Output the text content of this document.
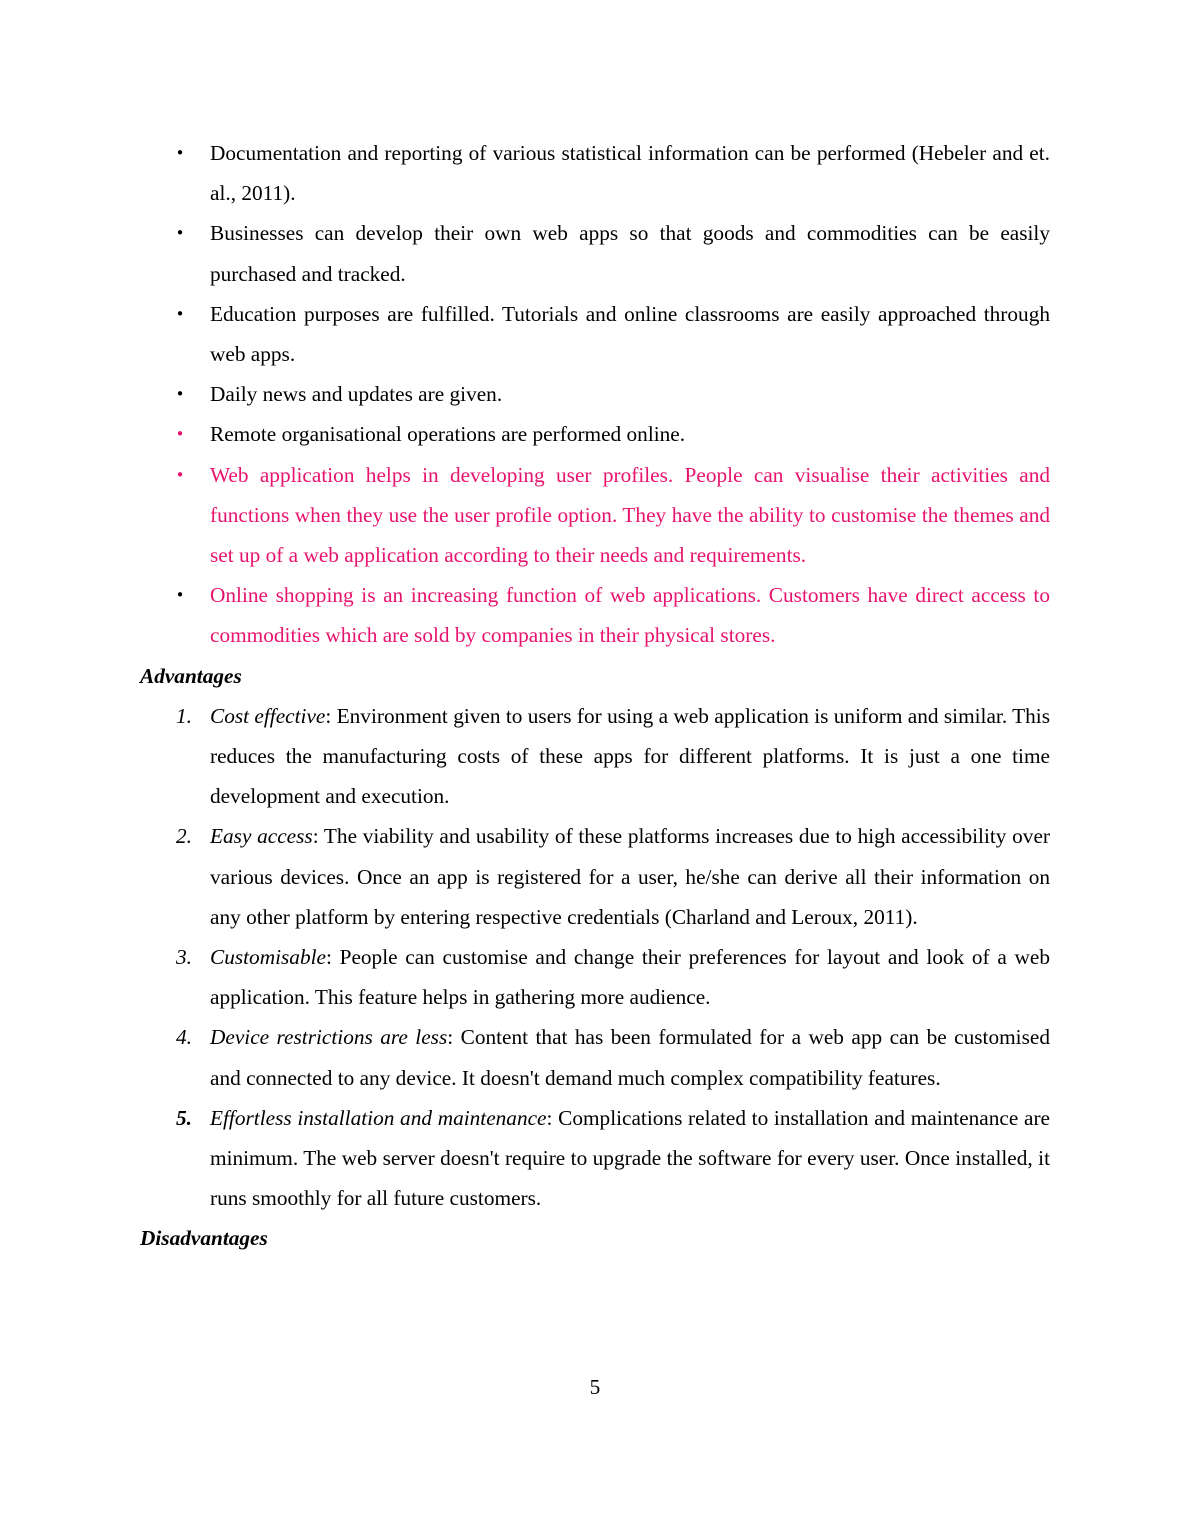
• Documentation and reporting of various statistical information can be performed (Hebeler and et. al., 2011).
• Businesses can develop their own web apps so that goods and commodities can be easily purchased and tracked.
• Education purposes are fulfilled. Tutorials and online classrooms are easily approached through web apps.
• Daily news and updates are given.
• Remote organisational operations are performed online.
• Web application helps in developing user profiles. People can visualise their activities and functions when they use the user profile option. They have the ability to customise the themes and set up of a web application according to their needs and requirements.
• Online shopping is an increasing function of web applications. Customers have direct access to commodities which are sold by companies in their physical stores.

Advantages

1. Cost effective: Environment given to users for using a web application is uniform and similar. This reduces the manufacturing costs of these apps for different platforms. It is just a one time development and execution.
2. Easy access: The viability and usability of these platforms increases due to high accessibility over various devices. Once an app is registered for a user, he/she can derive all their information on any other platform by entering respective credentials (Charland and Leroux, 2011).
3. Customisable: People can customise and change their preferences for layout and look of a web application. This feature helps in gathering more audience.
4. Device restrictions are less: Content that has been formulated for a web app can be customised and connected to any device. It doesn't demand much complex compatibility features.
5. Effortless installation and maintenance: Complications related to installation and maintenance are minimum. The web server doesn't require to upgrade the software for every user. Once installed, it runs smoothly for all future customers.

Disadvantages

5
